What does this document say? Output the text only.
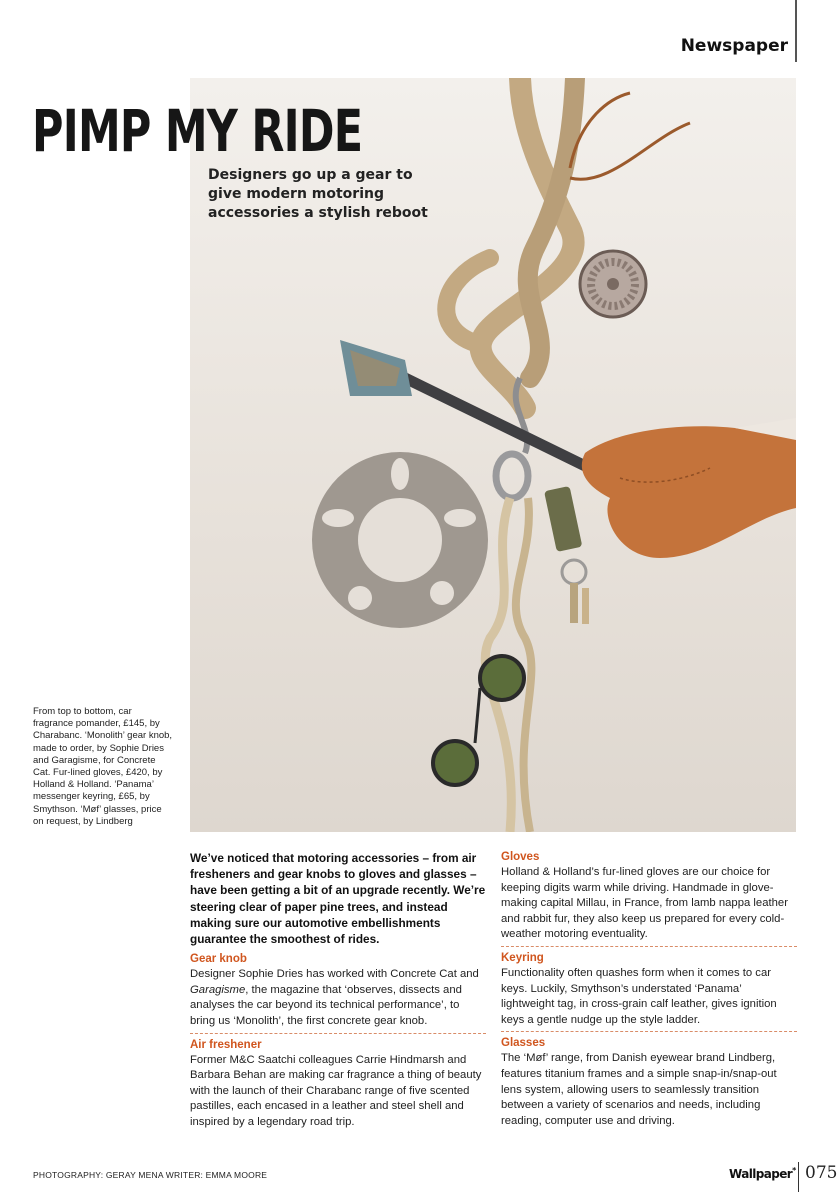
Newspaper
PIMP MY RIDE

Designers go up a gear to give modern motoring accessories a stylish reboot

From top to bottom, car fragrance pomander, £145, by Charabanc. ‘Monolith’ gear knob, made to order, by Sophie Dries and Garagisme, for Concrete Cat. Fur-lined gloves, £420, by Holland & Holland. ‘Panama’ messenger keyring, £65, by Smythson. ‘Møf’ glasses, price on request, by Lindberg

We’ve noticed that motoring accessories – from air fresheners and gear knobs to gloves and glasses – have been getting a bit of an upgrade recently. We’re steering clear of paper pine trees, and instead making sure our automotive embellishments guarantee the smoothest of rides.

Gear knob

Designer Sophie Dries has worked with Concrete Cat and Garagisme, the magazine that ‘observes, dissects and analyses the car beyond its technical performance’, to bring us ‘Monolith’, the first concrete gear knob.

Air freshener

Former M&C Saatchi colleagues Carrie Hindmarsh and Barbara Behan are making car fragrance a thing of beauty with the launch of their Charabanc range of five scented pastilles, each encased in a leather and steel shell and inspired by a legendary road trip.

Gloves

Holland & Holland’s fur-lined gloves are our choice for keeping digits warm while driving. Handmade in glove-making capital Millau, in France, from lamb nappa leather and rabbit fur, they also keep us prepared for every cold-weather motoring eventuality.

Keyring

Functionality often quashes form when it comes to car keys. Luckily, Smythson’s understated ‘Panama’ lightweight tag, in cross-grain calf leather, gives ignition keys a gentle nudge up the style ladder.

Glasses

The ‘Møf’ range, from Danish eyewear brand Lindberg, features titanium frames and a simple snap-in/snap-out lens system, allowing users to seamlessly transition between a variety of scenarios and needs, including reading, computer use and driving.

PHOTOGRAPHY: GERAY MENA WRITER: EMMA MOORE	Wallpaper* 075
